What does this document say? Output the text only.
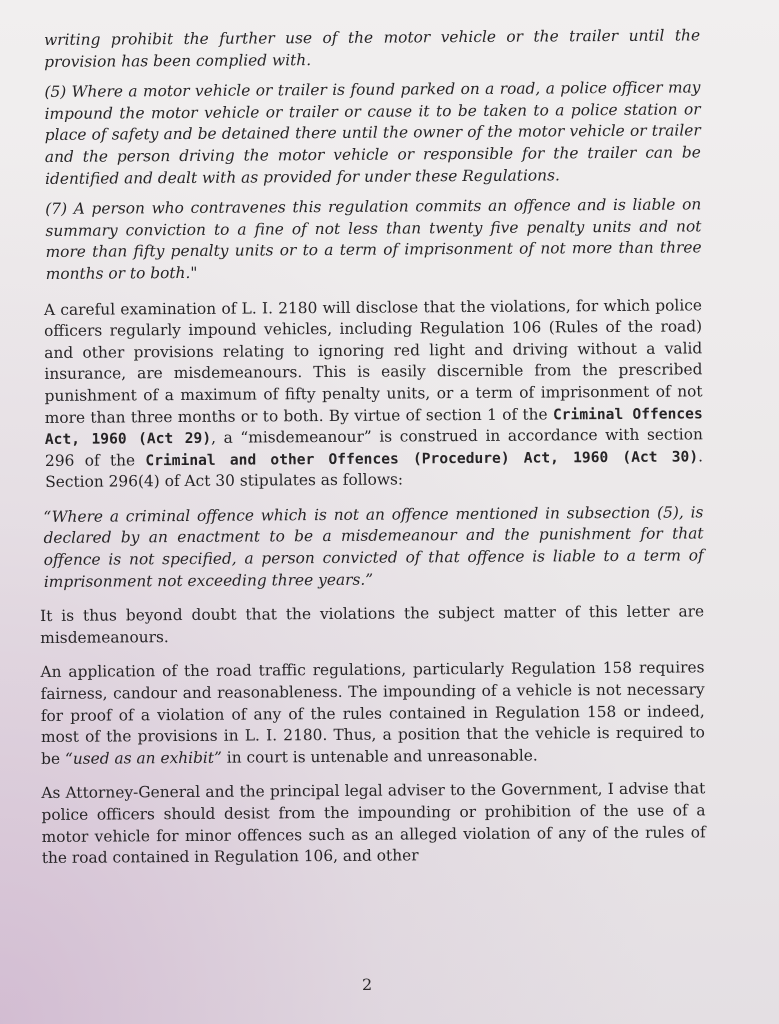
writing prohibit the further use of the motor vehicle or the trailer until the provision has been complied with.

(5) Where a motor vehicle or trailer is found parked on a road, a police officer may impound the motor vehicle or trailer or cause it to be taken to a police station or place of safety and be detained there until the owner of the motor vehicle or trailer and the person driving the motor vehicle or responsible for the trailer can be identified and dealt with as provided for under these Regulations.

(7) A person who contravenes this regulation commits an offence and is liable on summary conviction to a fine of not less than twenty five penalty units and not more than fifty penalty units or to a term of imprisonment of not more than three months or to both."

A careful examination of L. I. 2180 will disclose that the violations, for which police officers regularly impound vehicles, including Regulation 106 (Rules of the road) and other provisions relating to ignoring red light and driving without a valid insurance, are misdemeanours. This is easily discernible from the prescribed punishment of a maximum of fifty penalty units, or a term of imprisonment of not more than three months or to both. By virtue of section 1 of the Criminal Offences Act, 1960 (Act 29), a “misdemeanour” is construed in accordance with section 296 of the Criminal and other Offences (Procedure) Act, 1960 (Act 30). Section 296(4) of Act 30 stipulates as follows:

“Where a criminal offence which is not an offence mentioned in subsection (5), is declared by an enactment to be a misdemeanour and the punishment for that offence is not specified, a person convicted of that offence is liable to a term of imprisonment not exceeding three years.”

It is thus beyond doubt that the violations the subject matter of this letter are misdemeanours.

An application of the road traffic regulations, particularly Regulation 158 requires fairness, candour and reasonableness. The impounding of a vehicle is not necessary for proof of a violation of any of the rules contained in Regulation 158 or indeed, most of the provisions in L. I. 2180. Thus, a position that the vehicle is required to be “used as an exhibit” in court is untenable and unreasonable.

As Attorney-General and the principal legal adviser to the Government, I advise that police officers should desist from the impounding or prohibition of the use of a motor vehicle for minor offences such as an alleged violation of any of the rules of the road contained in Regulation 106, and other

2
